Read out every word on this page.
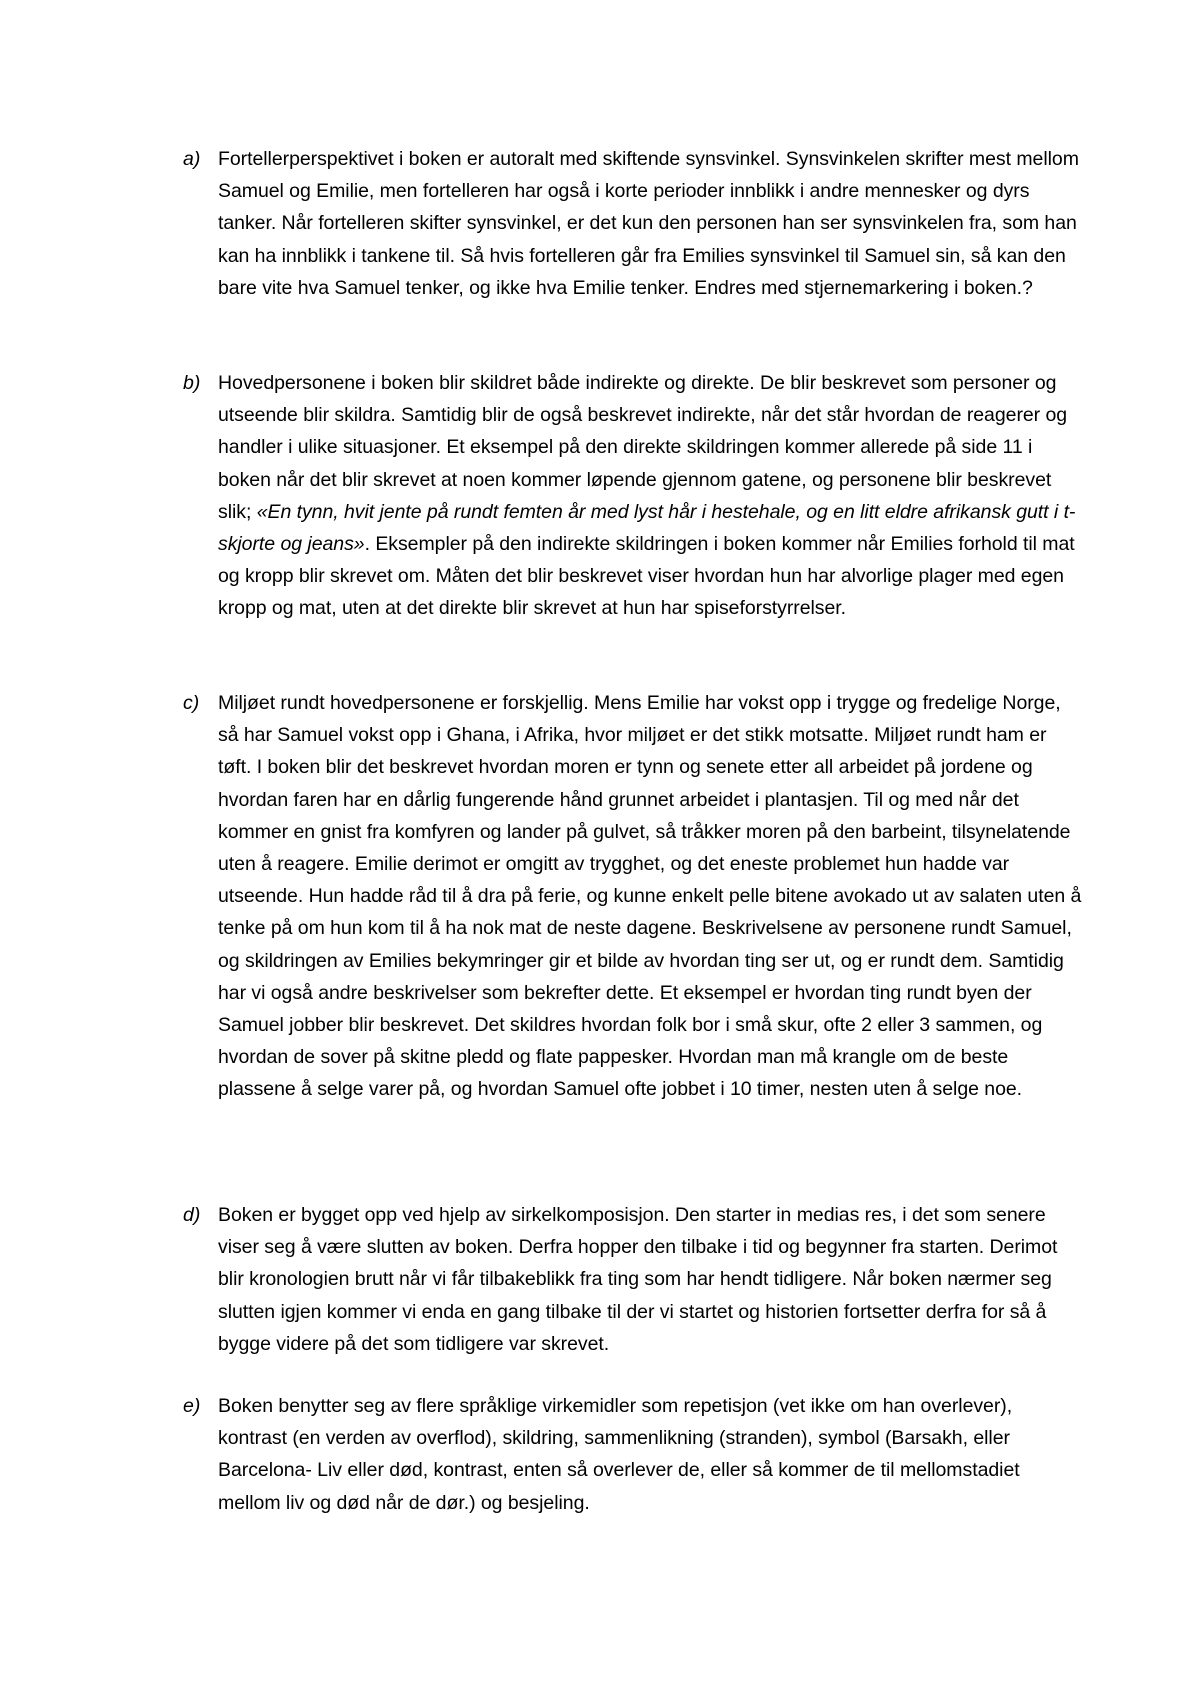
a) Fortellerperspektivet i boken er autoralt med skiftende synsvinkel. Synsvinkelen skrifter mest mellom Samuel og Emilie, men fortelleren har også i korte perioder innblikk i andre mennesker og dyrs tanker. Når fortelleren skifter synsvinkel, er det kun den personen han ser synsvinkelen fra, som han kan ha innblikk i tankene til. Så hvis fortelleren går fra Emilies synsvinkel til Samuel sin, så kan den bare vite hva Samuel tenker, og ikke hva Emilie tenker. Endres med stjernemarkering i boken.?
b) Hovedpersonene i boken blir skildret både indirekte og direkte. De blir beskrevet som personer og utseende blir skildra. Samtidig blir de også beskrevet indirekte, når det står hvordan de reagerer og handler i ulike situasjoner. Et eksempel på den direkte skildringen kommer allerede på side 11 i boken når det blir skrevet at noen kommer løpende gjennom gatene, og personene blir beskrevet slik; «En tynn, hvit jente på rundt femten år med lyst hår i hestehale, og en litt eldre afrikansk gutt i t-skjorte og jeans». Eksempler på den indirekte skildringen i boken kommer når Emilies forhold til mat og kropp blir skrevet om. Måten det blir beskrevet viser hvordan hun har alvorlige plager med egen kropp og mat, uten at det direkte blir skrevet at hun har spiseforstyrrelser.
c) Miljøet rundt hovedpersonene er forskjellig. Mens Emilie har vokst opp i trygge og fredelige Norge, så har Samuel vokst opp i Ghana, i Afrika, hvor miljøet er det stikk motsatte. Miljøet rundt ham er tøft. I boken blir det beskrevet hvordan moren er tynn og senete etter all arbeidet på jordene og hvordan faren har en dårlig fungerende hånd grunnet arbeidet i plantasjen. Til og med når det kommer en gnist fra komfyren og lander på gulvet, så tråkker moren på den barbeint, tilsynelatende uten å reagere. Emilie derimot er omgitt av trygghet, og det eneste problemet hun hadde var utseende. Hun hadde råd til å dra på ferie, og kunne enkelt pelle bitene avokado ut av salaten uten å tenke på om hun kom til å ha nok mat de neste dagene. Beskrivelsene av personene rundt Samuel, og skildringen av Emilies bekymringer gir et bilde av hvordan ting ser ut, og er rundt dem. Samtidig har vi også andre beskrivelser som bekrefter dette. Et eksempel er hvordan ting rundt byen der Samuel jobber blir beskrevet. Det skildres hvordan folk bor i små skur, ofte 2 eller 3 sammen, og hvordan de sover på skitne pledd og flate pappesker. Hvordan man må krangle om de beste plassene å selge varer på, og hvordan Samuel ofte jobbet i 10 timer, nesten uten å selge noe.
d) Boken er bygget opp ved hjelp av sirkelkomposisjon. Den starter in medias res, i det som senere viser seg å være slutten av boken. Derfra hopper den tilbake i tid og begynner fra starten. Derimot blir kronologien brutt når vi får tilbakeblikk fra ting som har hendt tidligere. Når boken nærmer seg slutten igjen kommer vi enda en gang tilbake til der vi startet og historien fortsetter derfra for så å bygge videre på det som tidligere var skrevet.
e) Boken benytter seg av flere språklige virkemidler som repetisjon (vet ikke om han overlever), kontrast (en verden av overflod), skildring, sammenlikning (stranden), symbol (Barsakh, eller Barcelona- Liv eller død, kontrast, enten så overlever de, eller så kommer de til mellomstadiet mellom liv og død når de dør.) og besjeling.
